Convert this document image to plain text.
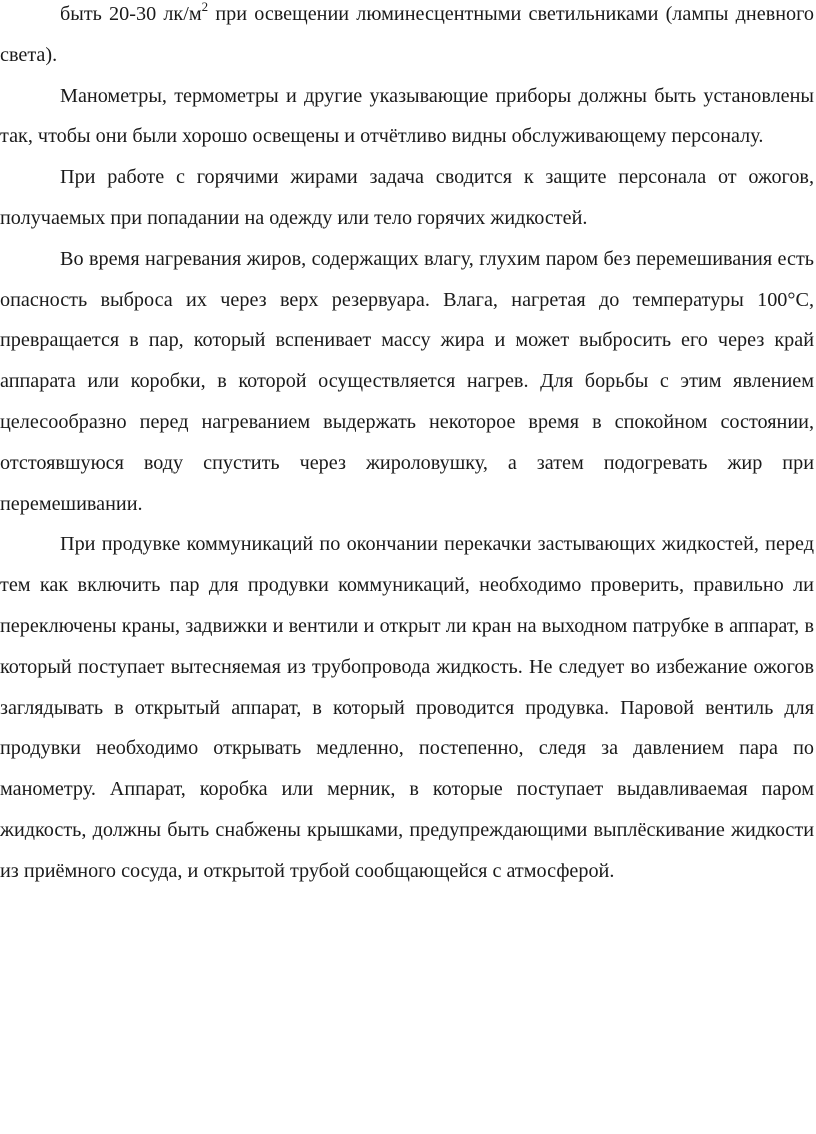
быть 20-30 $лк/м^2$ при освещении люминесцентными светильниками (лампы дневного света).

Манометры, термометры и другие указывающие приборы должны быть установлены так, чтобы они были хорошо освещены и отчётливо видны обслуживающему персоналу.

При работе с горячими жирами задача сводится к защите персонала от ожогов, получаемых при попадании на одежду или тело горячих жидкостей.

Во время нагревания жиров, содержащих влагу, глухим паром без перемешивания есть опасность выброса их через верх резервуара. Влага, нагретая до температуры 100°С, превращается в пар, который вспенивает массу жира и может выбросить его через край аппарата или коробки, в которой осуществляется нагрев. Для борьбы с этим явлением целесообразно перед нагреванием выдержать некоторое время в спокойном состоянии, отстоявшуюся воду спустить через жироловушку, а затем подогревать жир при перемешивании.

При продувке коммуникаций по окончании перекачки застывающих жидкостей, перед тем как включить пар для продувки коммуникаций, необходимо проверить, правильно ли переключены краны, задвижки и вентили и открыт ли кран на выходном патрубке в аппарат, в который поступает вытесняемая из трубопровода жидкость. Не следует во избежание ожогов заглядывать в открытый аппарат, в который проводится продувка. Паровой вентиль для продувки необходимо открывать медленно, постепенно, следя за давлением пара по манометру. Аппарат, коробка или мерник, в которые поступает выдавливаемая паром жидкость, должны быть снабжены крышками, предупреждающими выплёскивание жидкости из приёмного сосуда, и открытой трубой сообщающейся с атмосферой.
